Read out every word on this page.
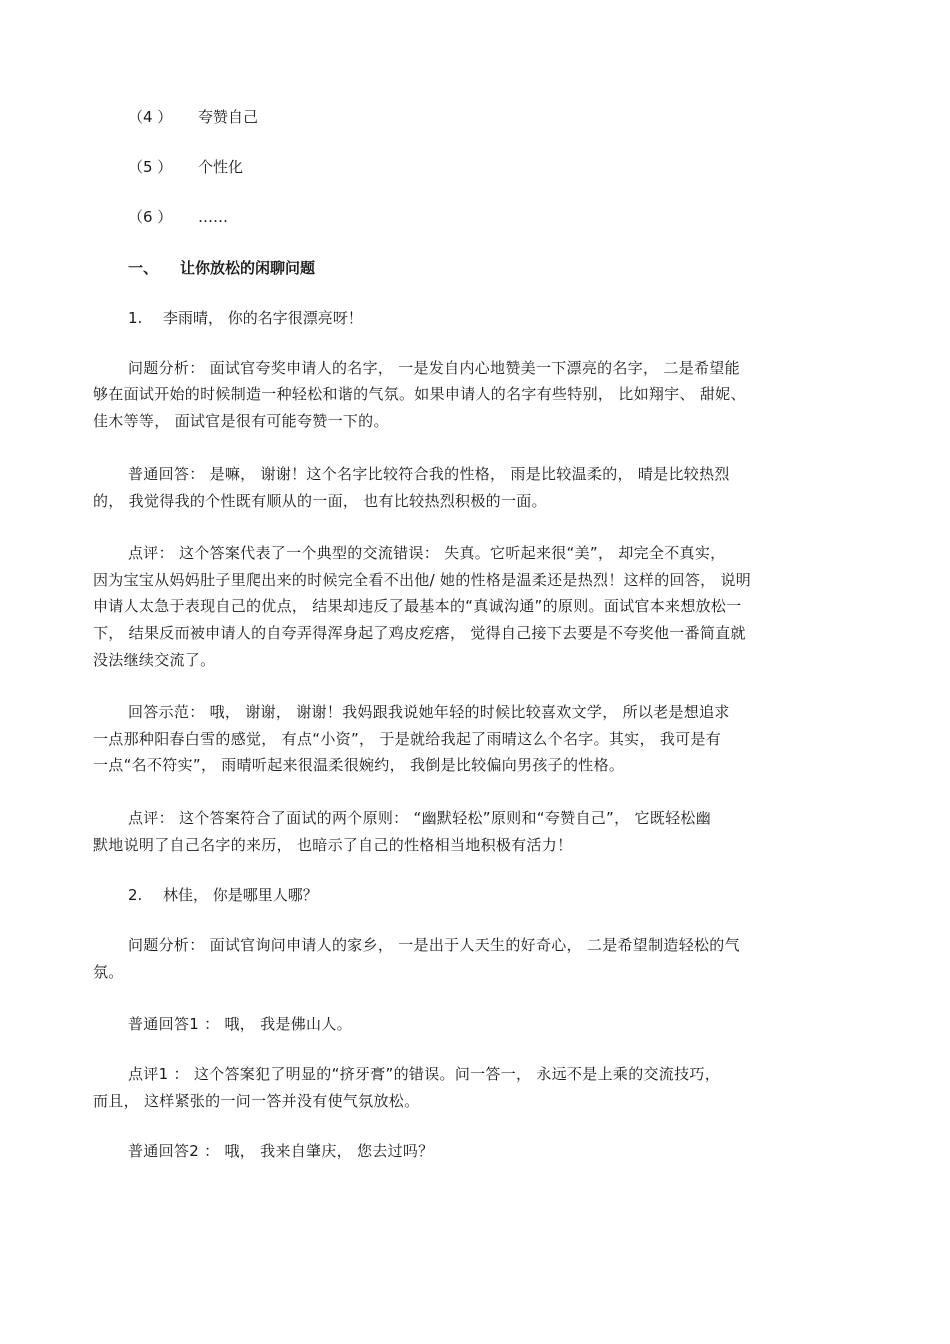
（4 ） 夸赞自己
（5 ） 个性化
（6 ） ……
一、 让你放松的闲聊问题
1. 李雨晴， 你的名字很漂亮呀！
问题分析： 面试官夸奖申请人的名字， 一是发自内心地赞美一下漂亮的名字， 二是希望能
够在面试开始的时候制造一种轻松和谐的气氛。如果申请人的名字有些特别， 比如翔宇、 甜妮、
佳木等等， 面试官是很有可能夸赞一下的。
普通回答： 是嘛， 谢谢！这个名字比较符合我的性格， 雨是比较温柔的， 晴是比较热烈
的， 我觉得我的个性既有顺从的一面， 也有比较热烈积极的一面。
点评： 这个答案代表了一个典型的交流错误： 失真。它听起来很“美”， 却完全不真实，
因为宝宝从妈妈肚子里爬出来的时候完全看不出他/ 她的性格是温柔还是热烈！这样的回答， 说明
申请人太急于表现自己的优点， 结果却违反了最基本的“真诚沟通”的原则。面试官本来想放松一
下， 结果反而被申请人的自夸弄得浑身起了鸡皮疙瘩， 觉得自己接下去要是不夸奖他一番简直就
没法继续交流了。
回答示范： 哦， 谢谢， 谢谢！我妈跟我说她年轻的时候比较喜欢文学， 所以老是想追求
一点那种阳春白雪的感觉， 有点“小资”， 于是就给我起了雨晴这么个名字。其实， 我可是有
一点“名不符实”， 雨晴听起来很温柔很婉约， 我倒是比较偏向男孩子的性格。
点评： 这个答案符合了面试的两个原则： “幽默轻松”原则和“夸赞自己”， 它既轻松幽
默地说明了自己名字的来历， 也暗示了自己的性格相当地积极有活力！
2. 林佳， 你是哪里人哪？
问题分析： 面试官询问申请人的家乡， 一是出于人天生的好奇心， 二是希望制造轻松的气
氛。
普通回答1 ： 哦， 我是佛山人。
点评1 ： 这个答案犯了明显的“挤牙膏”的错误。问一答一， 永远不是上乘的交流技巧，
而且， 这样紧张的一问一答并没有使气氛放松。
普通回答2 ： 哦， 我来自肇庆， 您去过吗？
